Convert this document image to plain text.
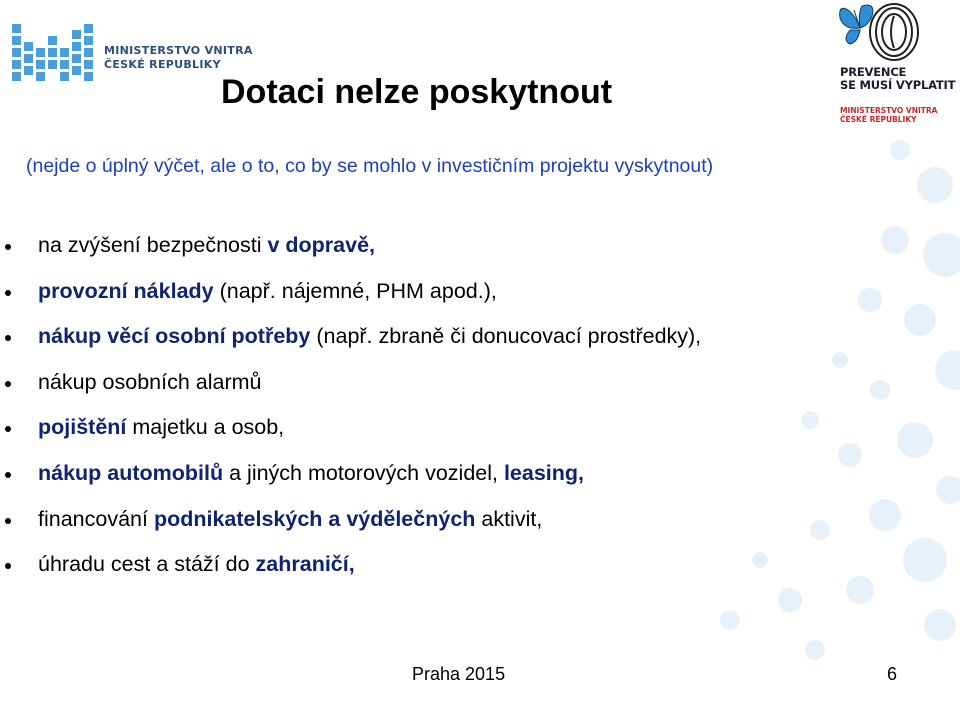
MINISTERSTVO VNITRA
ČESKÉ REPUBLIKY
PREVENCE
SE MUSÍ VYPLATIT
MINISTERSTVO VNITRA
ČESKÉ REPUBLIKY
Dotaci nelze poskytnout

(nejde o úplný výčet, ale o to, co by se mohlo v investičním projektu vyskytnout)

na zvýšení bezpečnosti v dopravě,
provozní náklady (např. nájemné, PHM apod.),
nákup věcí osobní potřeby (např. zbraně či donucovací prostředky),
nákup osobních alarmů
pojištění majetku a osob,
nákup automobilů a jiných motorových vozidel, leasing,
financování podnikatelských a výdělečných aktivit,
úhradu cest a stáží do zahraničí,
Praha 2015	6
